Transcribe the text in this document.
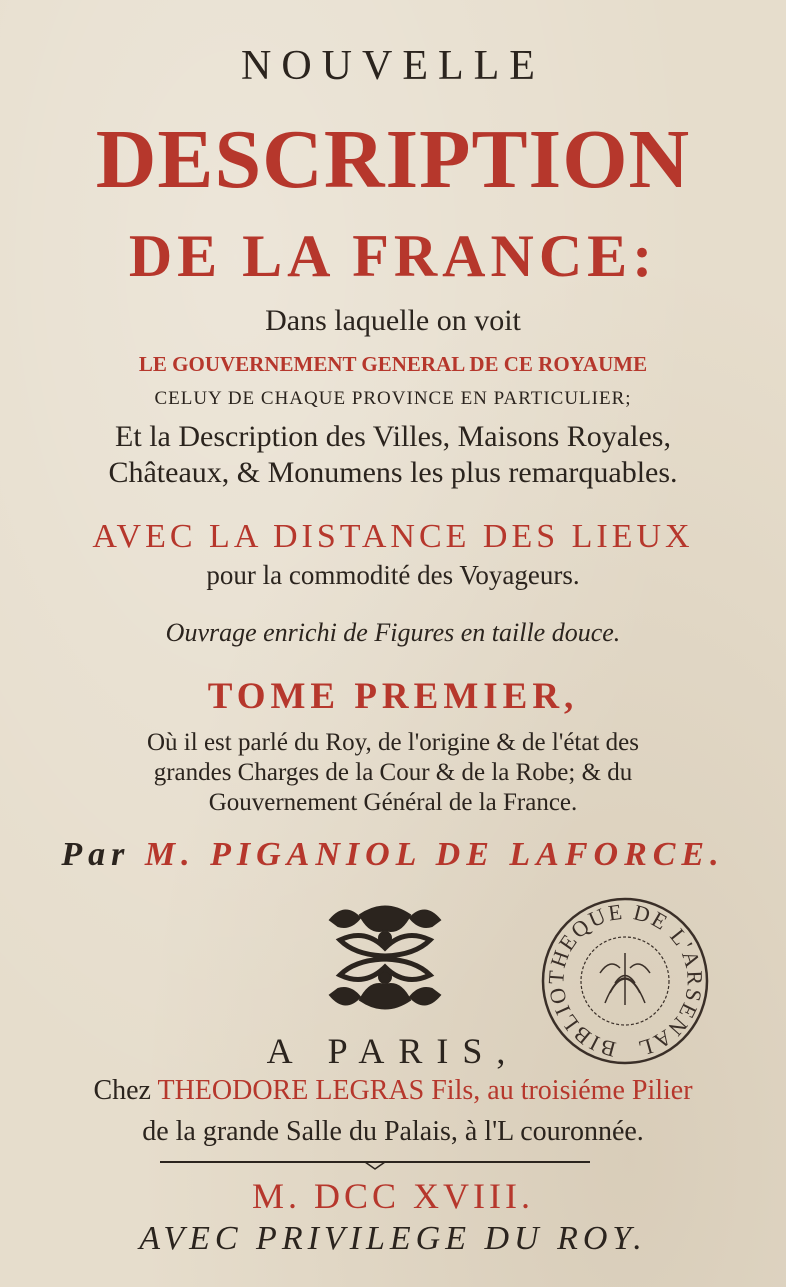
NOUVELLE
DESCRIPTION
DE LA FRANCE:
Dans laquelle on voit
LE GOUVERNEMENT GENERAL DE CE ROYAUME
CELUY DE CHAQUE PROVINCE EN PARTICULIER;
Et la Description des Villes, Maisons Royales,
Châteaux, & Monumens les plus remarquables.
AVEC LA DISTANCE DES LIEUX
pour la commodité des Voyageurs.
Ouvrage enrichi de Figures en taille douce.
TOME PREMIER,
Où il est parlé du Roy, de l'origine & de l'état des
grandes Charges de la Cour & de la Robe; & du
Gouvernement Général de la France.
Par M. PIGANIOL DE LAFORCE.
BIBLIOTHEQUE DE L'ARSENAL
A PARIS,
Chez THEODORE LEGRAS Fils, au troisiéme Pilier
de la grande Salle du Palais, à l'L couronnée.
M. DCC XVIII.
AVEC PRIVILEGE DU ROY.
